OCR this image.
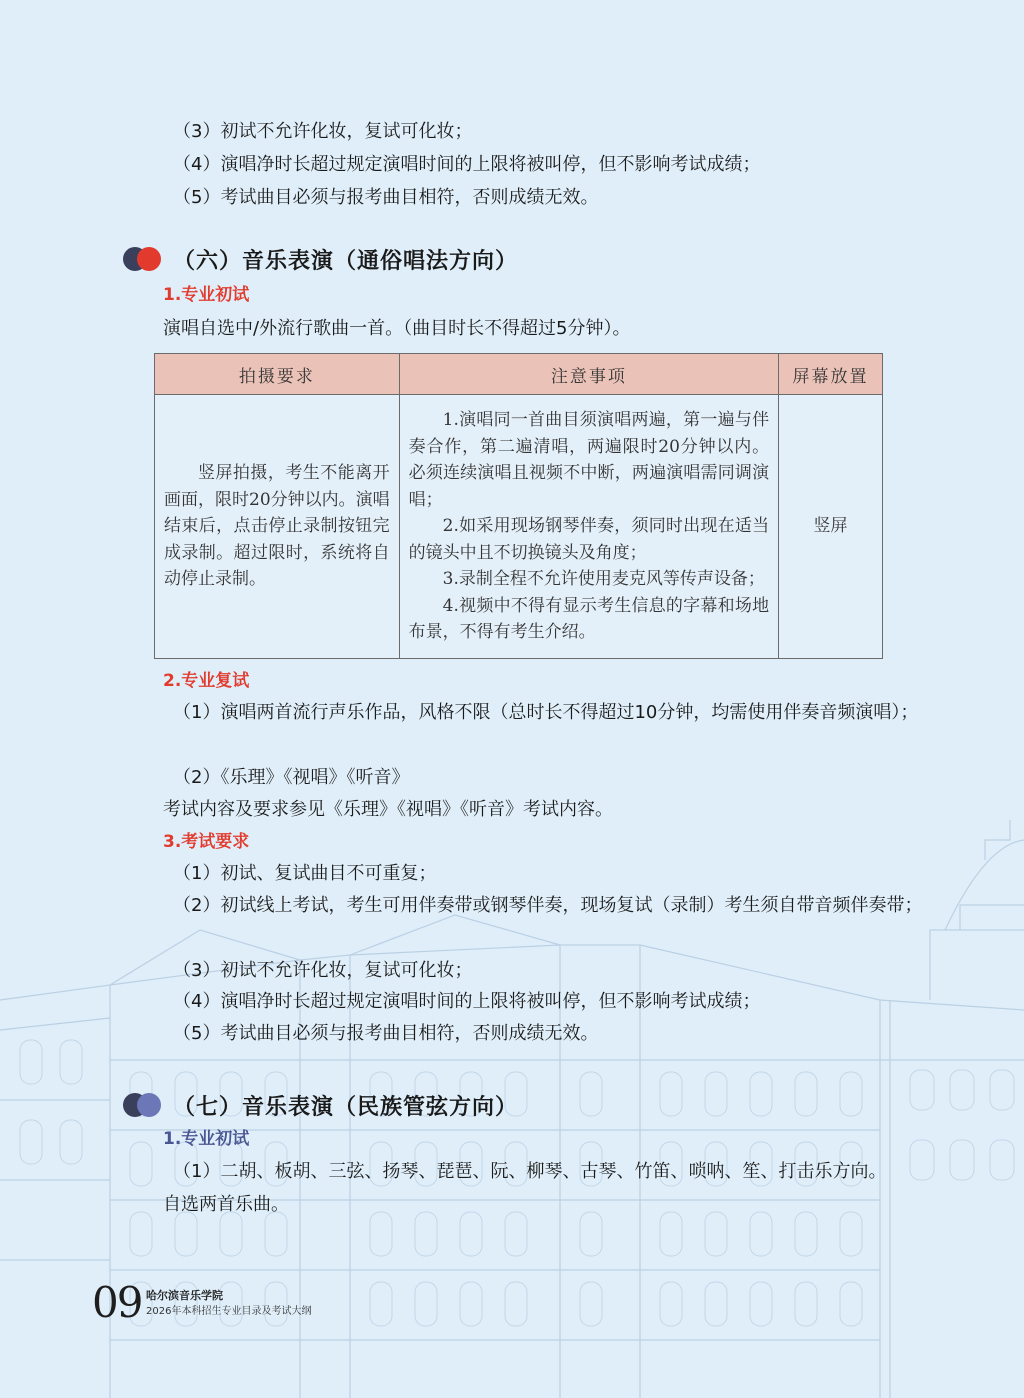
（3）初试不允许化妆，复试可化妆；
（4）演唱净时长超过规定演唱时间的上限将被叫停，但不影响考试成绩；
（5）考试曲目必须与报考曲目相符，否则成绩无效。
（六）音乐表演（通俗唱法方向）
1.专业初试
演唱自选中/外流行歌曲一首。（曲目时长不得超过5分钟）。
拍摄要求	注意事项	屏幕放置

竖屏拍摄，考生不能离开画面，限时20分钟以内。演唱结束后，点击停止录制按钮完成录制。超过限时，系统将自动停止录制。	1.演唱同一首曲目须演唱两遍，第一遍与伴奏合作，第二遍清唱，两遍限时20分钟以内。必须连续演唱且视频不中断，两遍演唱需同调演唱；
2.如采用现场钢琴伴奏，须同时出现在适当的镜头中且不切换镜头及角度；
3.录制全程不允许使用麦克风等传声设备；
4.视频中不得有显示考生信息的字幕和场地布景，不得有考生介绍。	竖屏
2.专业复试
（1）演唱两首流行声乐作品，风格不限（总时长不得超过10分钟，均需使用伴奏音频演唱）；
（2）《乐理》《视唱》《听音》
考试内容及要求参见《乐理》《视唱》《听音》考试内容。
3.考试要求
（1）初试、复试曲目不可重复；
（2）初试线上考试，考生可用伴奏带或钢琴伴奏，现场复试（录制）考生须自带音频伴奏带；
（3）初试不允许化妆，复试可化妆；
（4）演唱净时长超过规定演唱时间的上限将被叫停，但不影响考试成绩；
（5）考试曲目必须与报考曲目相符，否则成绩无效。
（七）音乐表演（民族管弦方向）
1.专业初试
（1）二胡、板胡、三弦、扬琴、琵琶、阮、柳琴、古琴、竹笛、唢呐、笙、打击乐方向。
自选两首乐曲。
09 哈尔滨音乐学院
2026年本科招生专业目录及考试大纲
